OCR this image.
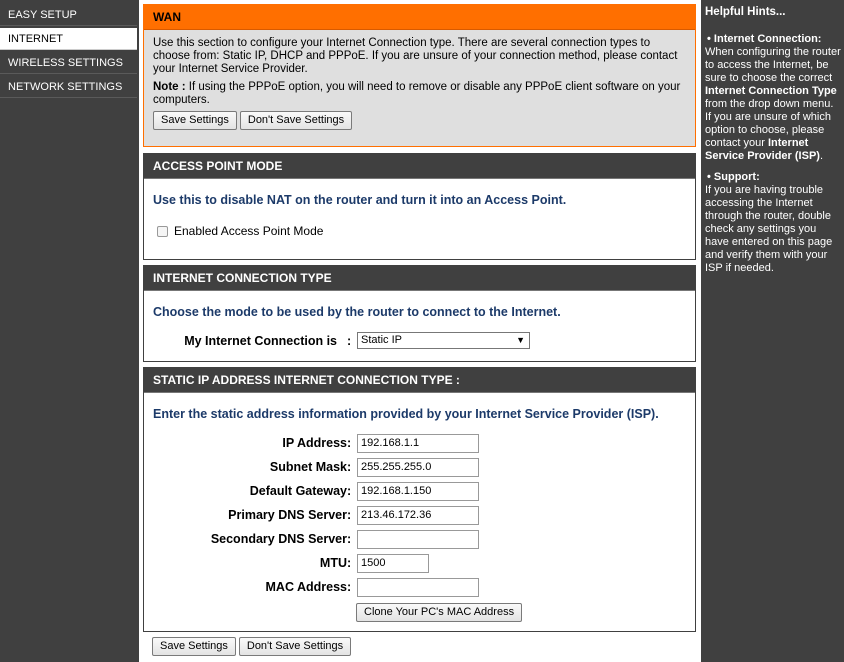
EASY SETUP
INTERNET
WIRELESS SETTINGS
NETWORK SETTINGS
WAN
Use this section to configure your Internet Connection type. There are several connection types to choose from: Static IP, DHCP and PPPoE. If you are unsure of your connection method, please contact your Internet Service Provider.
Note : If using the PPPoE option, you will need to remove or disable any PPPoE client software on your computers.
Save Settings Don't Save Settings
ACCESS POINT MODE
Use this to disable NAT on the router and turn it into an Access Point.
Enabled Access Point Mode
INTERNET CONNECTION TYPE
Choose the mode to be used by the router to connect to the Internet.
My Internet Connection is : Static IP	▼
STATIC IP ADDRESS INTERNET CONNECTION TYPE :
Enter the static address information provided by your Internet Service Provider (ISP).
IP Address : 192.168.1.1
Subnet Mask : 255.255.255.0
Default Gateway : 192.168.1.150
Primary DNS Server : 213.46.172.36
Secondary DNS Server :
MTU : 1500
MAC Address :
Clone Your PC's MAC Address
Save Settings Don't Save Settings
Helpful Hints...
• Internet Connection:
When configuring the router to access the Internet, be sure to choose the correct Internet Connection Type from the drop down menu. If you are unsure of which option to choose, please contact your Internet Service Provider (ISP).
• Support:
If you are having trouble accessing the Internet through the router, double check any settings you have entered on this page and verify them with your ISP if needed.
